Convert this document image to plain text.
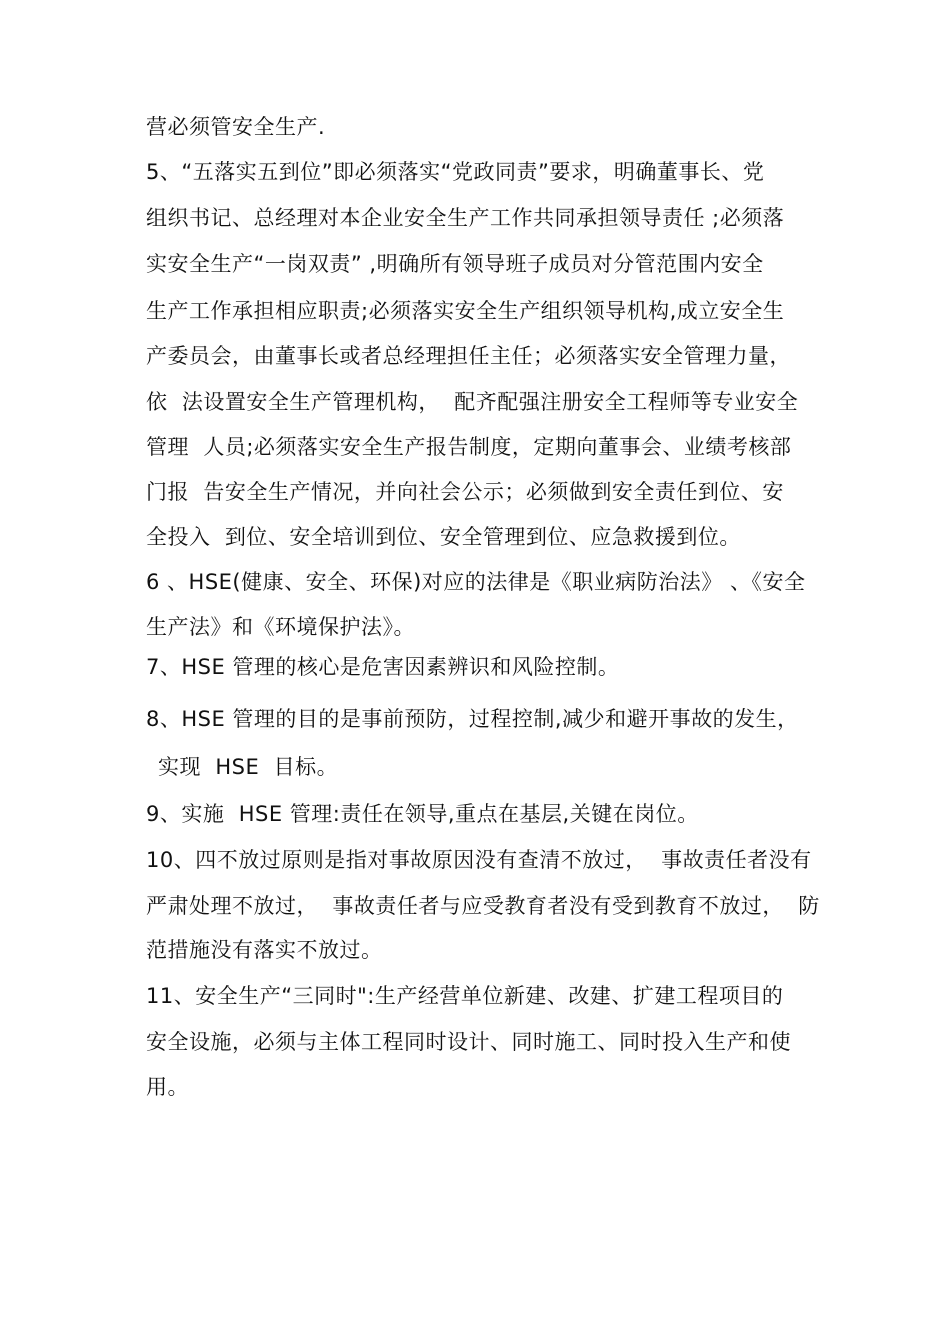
营必须管安全生产.
5、“五落实五到位”即必须落实“党政同责”要求，明确董事长、党
组织书记、总经理对本企业安全生产工作共同承担领导责任 ;必须落
实安全生产“一岗双责” ,明确所有领导班子成员对分管范围内安全
生产工作承担相应职责;必须落实安全生产组织领导机构,成立安全生
产委员会，由董事长或者总经理担任主任；必须落实安全管理力量，
依  法设置安全生产管理机构，  配齐配强注册安全工程师等专业安全
管理  人员;必须落实安全生产报告制度，定期向董事会、业绩考核部
门报  告安全生产情况，并向社会公示；必须做到安全责任到位、安
全投入  到位、安全培训到位、安全管理到位、应急救援到位。
6 、HSE(健康、安全、环保)对应的法律是《职业病防治法》 、《安全
生产法》和《环境保护法》。
7、HSE 管理的核心是危害因素辨识和风险控制。
8、HSE 管理的目的是事前预防，过程控制,减少和避开事故的发生，
实现  HSE  目标。
9、实施  HSE 管理:责任在领导,重点在基层,关键在岗位。
10、四不放过原则是指对事故原因没有查清不放过，  事故责任者没有
严肃处理不放过，  事故责任者与应受教育者没有受到教育不放过，  防
范措施没有落实不放过。
11、安全生产“三同时":生产经营单位新建、改建、扩建工程项目的
安全设施，必须与主体工程同时设计、同时施工、同时投入生产和使
用。
